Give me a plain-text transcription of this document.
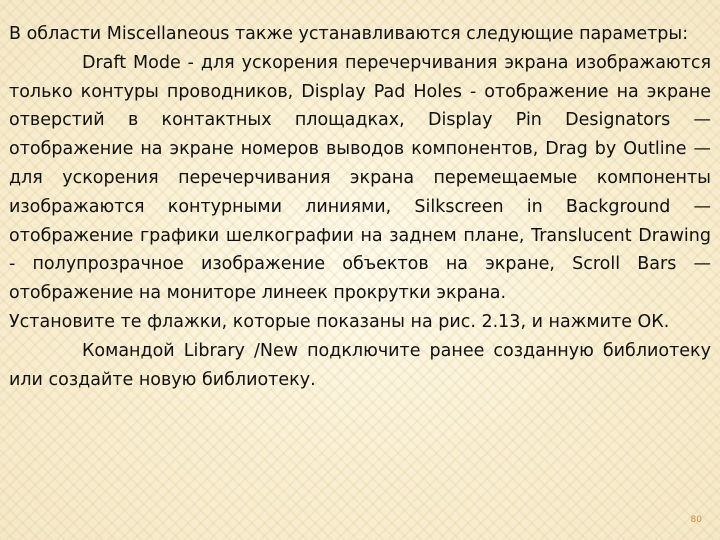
В области Miscellaneous также устанавливаются следующие параметры:

Draft Mode - для ускорения перечерчивания экрана изображаются только контуры проводников, Display Pad Holes - отображение на экране отверстий в контактных площадках, Display Pin Designators — отображение на экране номеров выводов компонентов, Drag by Outline — для ускорения перечерчивания экрана перемещаемые компоненты изображаются контурными линиями, Silkscreen in Background — отображение графики шелкографии на заднем плане, Translucent Drawing - полупрозрачное изображение объектов на экране, Scroll Bars — отображение на мониторе линеек прокрутки экрана.

Установите те флажки, которые показаны на рис. 2.13, и нажмите ОК.

Командой Library /New подключите ранее созданную библиотеку или создайте новую библиотеку.

80
